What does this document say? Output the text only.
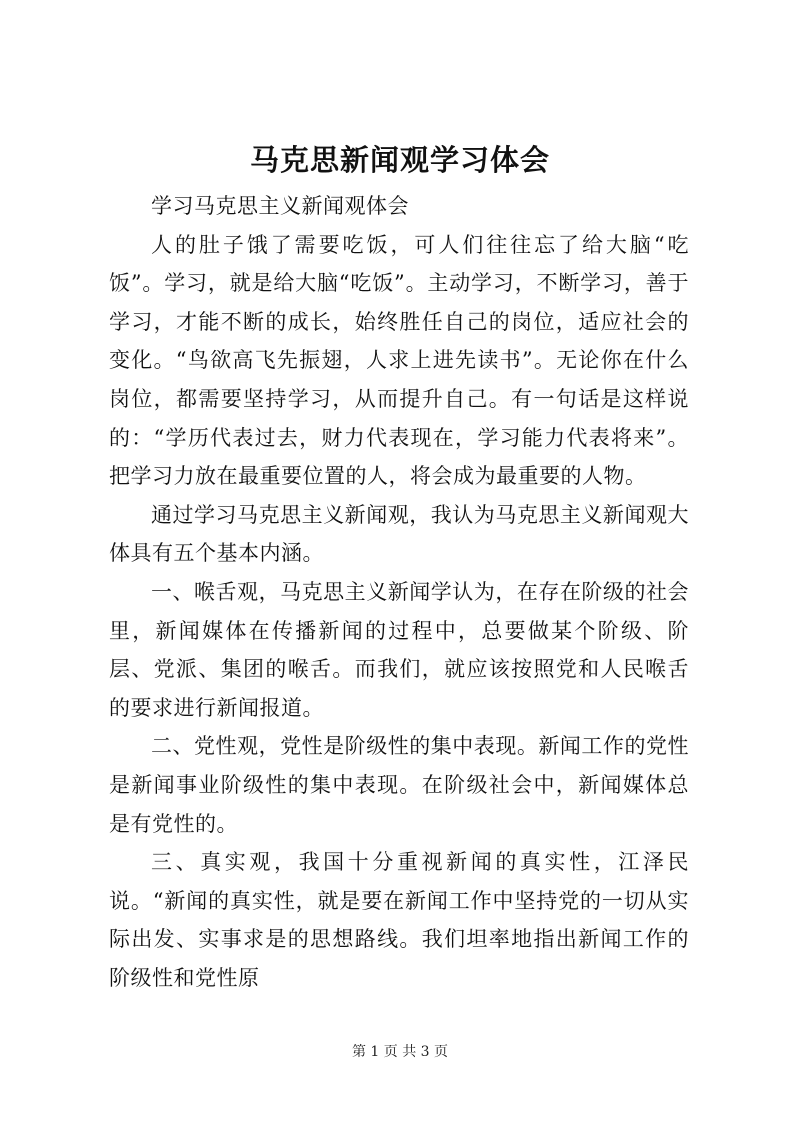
马克思新闻观学习体会

学习马克思主义新闻观体会

人的肚子饿了需要吃饭，可人们往往忘了给大脑“吃饭”。学习，就是给大脑“吃饭”。主动学习，不断学习，善于学习，才能不断的成长，始终胜任自己的岗位，适应社会的变化。“鸟欲高飞先振翅，人求上进先读书”。无论你在什么岗位，都需要坚持学习，从而提升自己。有一句话是这样说的：“学历代表过去，财力代表现在，学习能力代表将来”。把学习力放在最重要位置的人，将会成为最重要的人物。

通过学习马克思主义新闻观，我认为马克思主义新闻观大体具有五个基本内涵。

一、喉舌观，马克思主义新闻学认为，在存在阶级的社会里，新闻媒体在传播新闻的过程中，总要做某个阶级、阶层、党派、集团的喉舌。而我们，就应该按照党和人民喉舌的要求进行新闻报道。

二、党性观，党性是阶级性的集中表现。新闻工作的党性是新闻事业阶级性的集中表现。在阶级社会中，新闻媒体总是有党性的。

三、真实观，我国十分重视新闻的真实性，江泽民说。“新闻的真实性，就是要在新闻工作中坚持党的一切从实际出发、实事求是的思想路线。我们坦率地指出新闻工作的阶级性和党性原

第 1 页 共 3 页
